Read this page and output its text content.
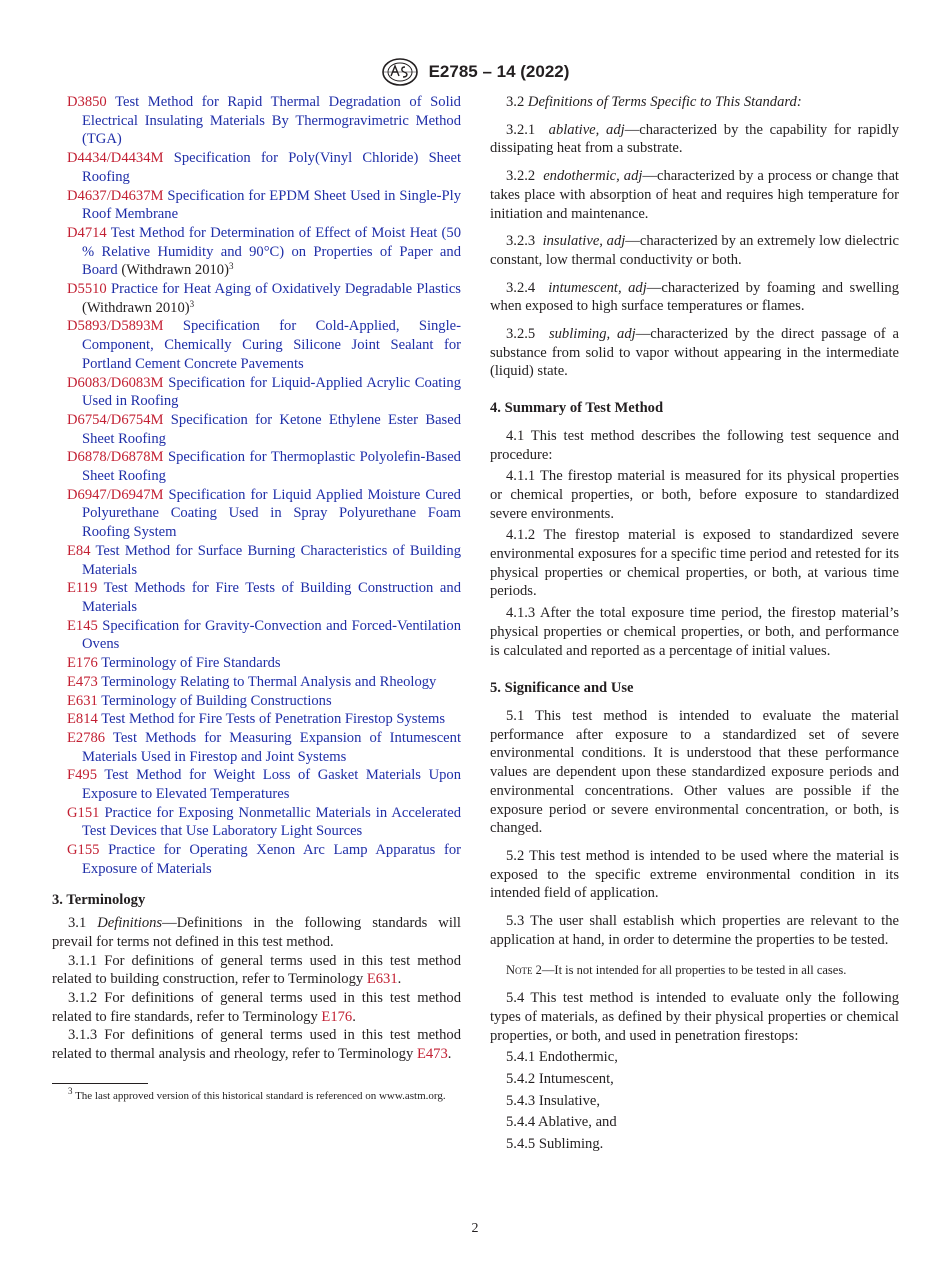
E2785 – 14 (2022)
D3850 Test Method for Rapid Thermal Degradation of Solid Electrical Insulating Materials By Thermogravimetric Method (TGA)
D4434/D4434M Specification for Poly(Vinyl Chloride) Sheet Roofing
D4637/D4637M Specification for EPDM Sheet Used in Single-Ply Roof Membrane
D4714 Test Method for Determination of Effect of Moist Heat (50 % Relative Humidity and 90°C) on Properties of Paper and Board (Withdrawn 2010)$^3$
D5510 Practice for Heat Aging of Oxidatively Degradable Plastics (Withdrawn 2010)$^3$
D5893/D5893M Specification for Cold-Applied, Single-Component, Chemically Curing Silicone Joint Sealant for Portland Cement Concrete Pavements
D6083/D6083M Specification for Liquid-Applied Acrylic Coating Used in Roofing
D6754/D6754M Specification for Ketone Ethylene Ester Based Sheet Roofing
D6878/D6878M Specification for Thermoplastic Polyolefin-Based Sheet Roofing
D6947/D6947M Specification for Liquid Applied Moisture Cured Polyurethane Coating Used in Spray Polyurethane Foam Roofing System
E84 Test Method for Surface Burning Characteristics of Building Materials
E119 Test Methods for Fire Tests of Building Construction and Materials
E145 Specification for Gravity-Convection and Forced-Ventilation Ovens
E176 Terminology of Fire Standards
E473 Terminology Relating to Thermal Analysis and Rheology
E631 Terminology of Building Constructions
E814 Test Method for Fire Tests of Penetration Firestop Systems
E2786 Test Methods for Measuring Expansion of Intumescent Materials Used in Firestop and Joint Systems
F495 Test Method for Weight Loss of Gasket Materials Upon Exposure to Elevated Temperatures
G151 Practice for Exposing Nonmetallic Materials in Accelerated Test Devices that Use Laboratory Light Sources
G155 Practice for Operating Xenon Arc Lamp Apparatus for Exposure of Materials
3. Terminology

3.1 Definitions—Definitions in the following standards will prevail for terms not defined in this test method.

3.1.1 For definitions of general terms used in this test method related to building construction, refer to Terminology E631.

3.1.2 For definitions of general terms used in this test method related to fire standards, refer to Terminology E176.

3.1.3 For definitions of general terms used in this test method related to thermal analysis and rheology, refer to Terminology E473.

$^3$ The last approved version of this historical standard is referenced on www.astm.org.

3.2 Definitions of Terms Specific to This Standard:

3.2.1 ablative, adj—characterized by the capability for rapidly dissipating heat from a substrate.

3.2.2 endothermic, adj—characterized by a process or change that takes place with absorption of heat and requires high temperature for initiation and maintenance.

3.2.3 insulative, adj—characterized by an extremely low dielectric constant, low thermal conductivity or both.

3.2.4 intumescent, adj—characterized by foaming and swelling when exposed to high surface temperatures or flames.

3.2.5 subliming, adj—characterized by the direct passage of a substance from solid to vapor without appearing in the intermediate (liquid) state.

4. Summary of Test Method

4.1 This test method describes the following test sequence and procedure:

4.1.1 The firestop material is measured for its physical properties or chemical properties, or both, before exposure to standardized severe environments.

4.1.2 The firestop material is exposed to standardized severe environmental exposures for a specific time period and retested for its physical properties or chemical properties, or both, at various time periods.

4.1.3 After the total exposure time period, the firestop material’s physical properties or chemical properties, or both, and performance is calculated and reported as a percentage of initial values.

5. Significance and Use

5.1 This test method is intended to evaluate the material performance after exposure to a standardized set of severe environmental conditions. It is understood that these performance values are dependent upon these standardized exposure periods and environmental concentrations. Other values are possible if the exposure period or severe environmental concentration, or both, is changed.

5.2 This test method is intended to be used where the material is exposed to the specific extreme environmental condition in its intended field of application.

5.3 The user shall establish which properties are relevant to the application at hand, in order to determine the properties to be tested.

Note 2—It is not intended for all properties to be tested in all cases.

5.4 This test method is intended to evaluate only the following types of materials, as defined by their physical properties or chemical properties, or both, and used in penetration firestops:

5.4.1 Endothermic,

5.4.2 Intumescent,

5.4.3 Insulative,

5.4.4 Ablative, and

5.4.5 Subliming.

2
